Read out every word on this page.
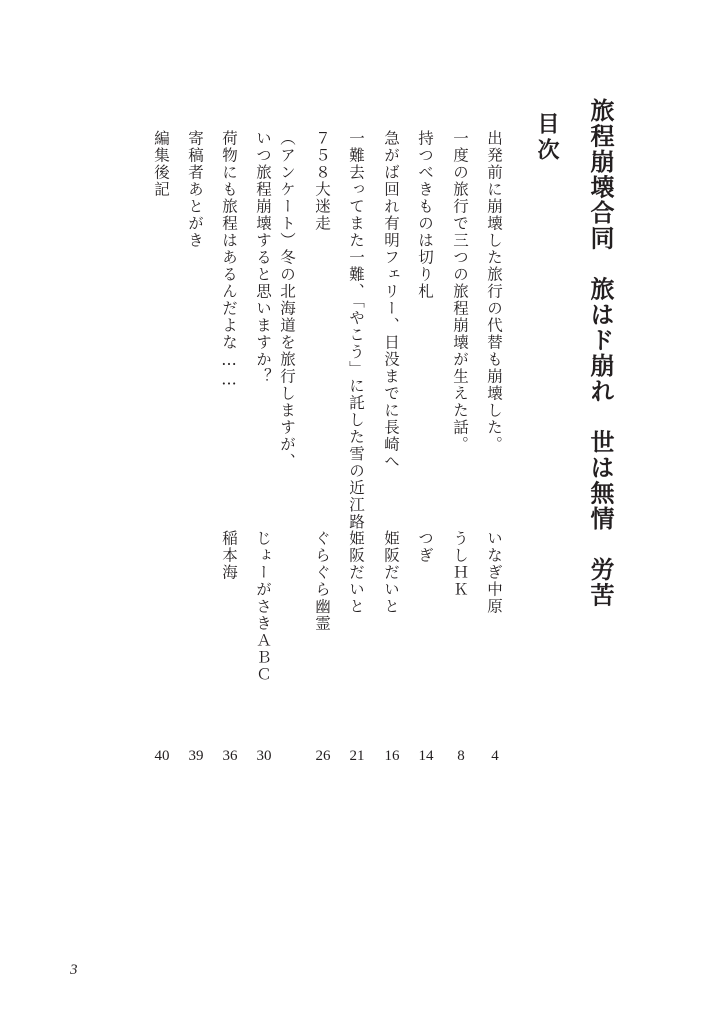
旅程崩壊合同　旅はド崩れ　世は無情　労苦
目次
出発前に崩壊した旅行の代替も崩壊した。
いなぎ中原
4
一度の旅行で三つの旅程崩壊が生えた話。
うしＨＫ
8
持つべきものは切り札
つぎ
14
急がば回れ有明フェリー、日没までに長崎へ
姫阪だいと
16
一難去ってまた一難、「やこう」に託した雪の近江路
姫阪だいと
21
７５８大迷走
ぐらぐら幽霊
26
（アンケート）冬の北海道を旅行しますが、
いつ旅程崩壊すると思いますか？
じょーがさきＡＢＣ
30
荷物にも旅程はあるんだよな……
稲本海
36
寄稿者あとがき
39
編集後記
40
3
